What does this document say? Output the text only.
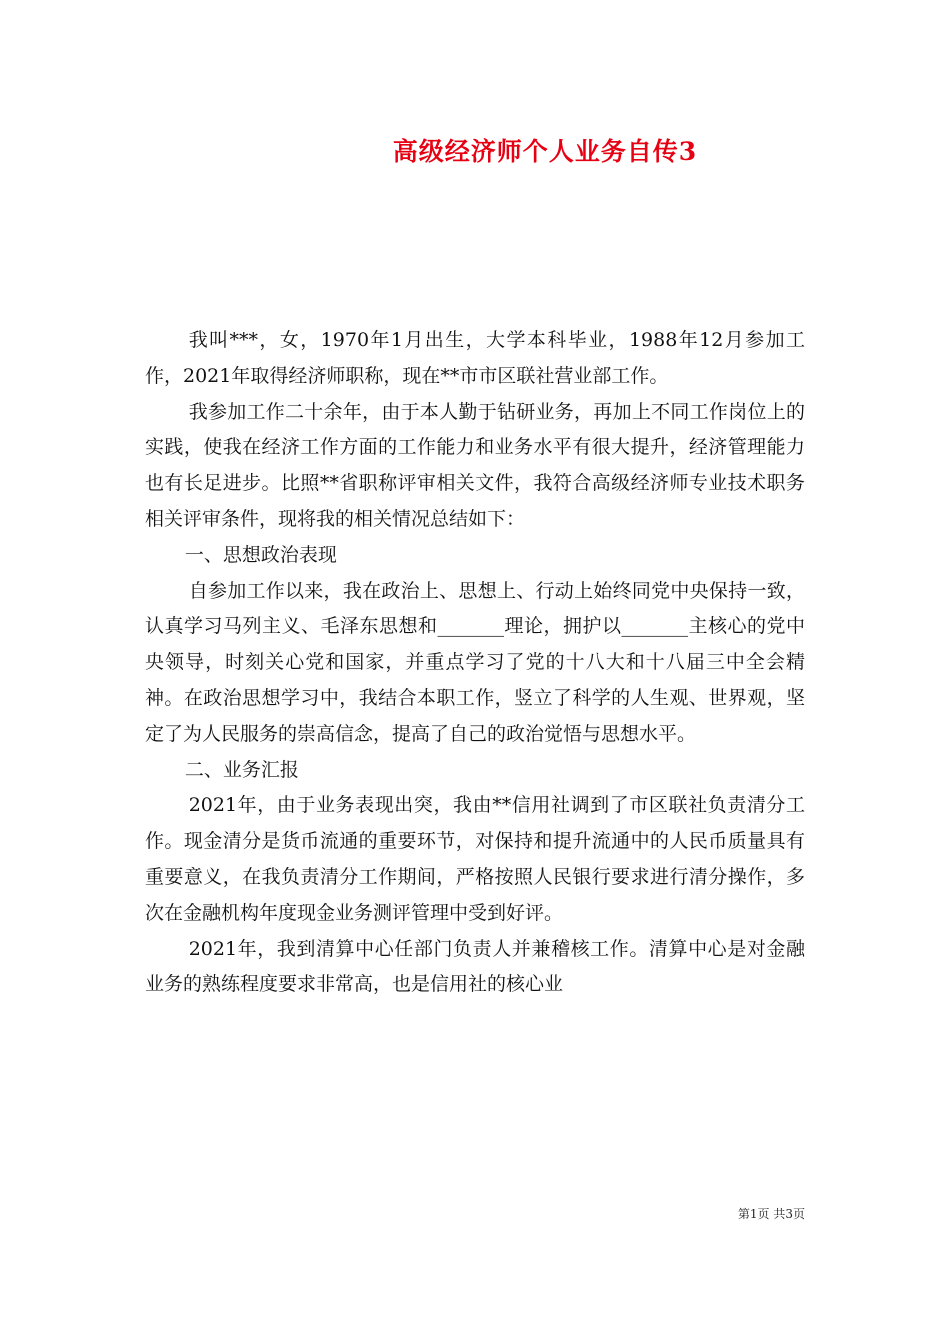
高级经济师个人业务自传3

我叫***，女，1970年1月出生，大学本科毕业，1988年12月参加工作，2021年取得经济师职称，现在**市市区联社营业部工作。

我参加工作二十余年，由于本人勤于钻研业务，再加上不同工作岗位上的实践，使我在经济工作方面的工作能力和业务水平有很大提升，经济管理能力也有长足进步。比照**省职称评审相关文件，我符合高级经济师专业技术职务相关评审条件，现将我的相关情况总结如下：

一、思想政治表现

自参加工作以来，我在政治上、思想上、行动上始终同党中央保持一致，认真学习马列主义、毛泽东思想和_______理论，拥护以_______主核心的党中央领导，时刻关心党和国家，并重点学习了党的十八大和十八届三中全会精神。在政治思想学习中，我结合本职工作，竖立了科学的人生观、世界观，坚定了为人民服务的崇高信念，提高了自己的政治觉悟与思想水平。

二、业务汇报

2021年，由于业务表现出突，我由**信用社调到了市区联社负责清分工作。现金清分是货币流通的重要环节，对保持和提升流通中的人民币质量具有重要意义，在我负责清分工作期间，严格按照人民银行要求进行清分操作，多次在金融机构年度现金业务测评管理中受到好评。

2021年，我到清算中心任部门负责人并兼稽核工作。清算中心是对金融业务的熟练程度要求非常高，也是信用社的核心业

第1页 共3页
